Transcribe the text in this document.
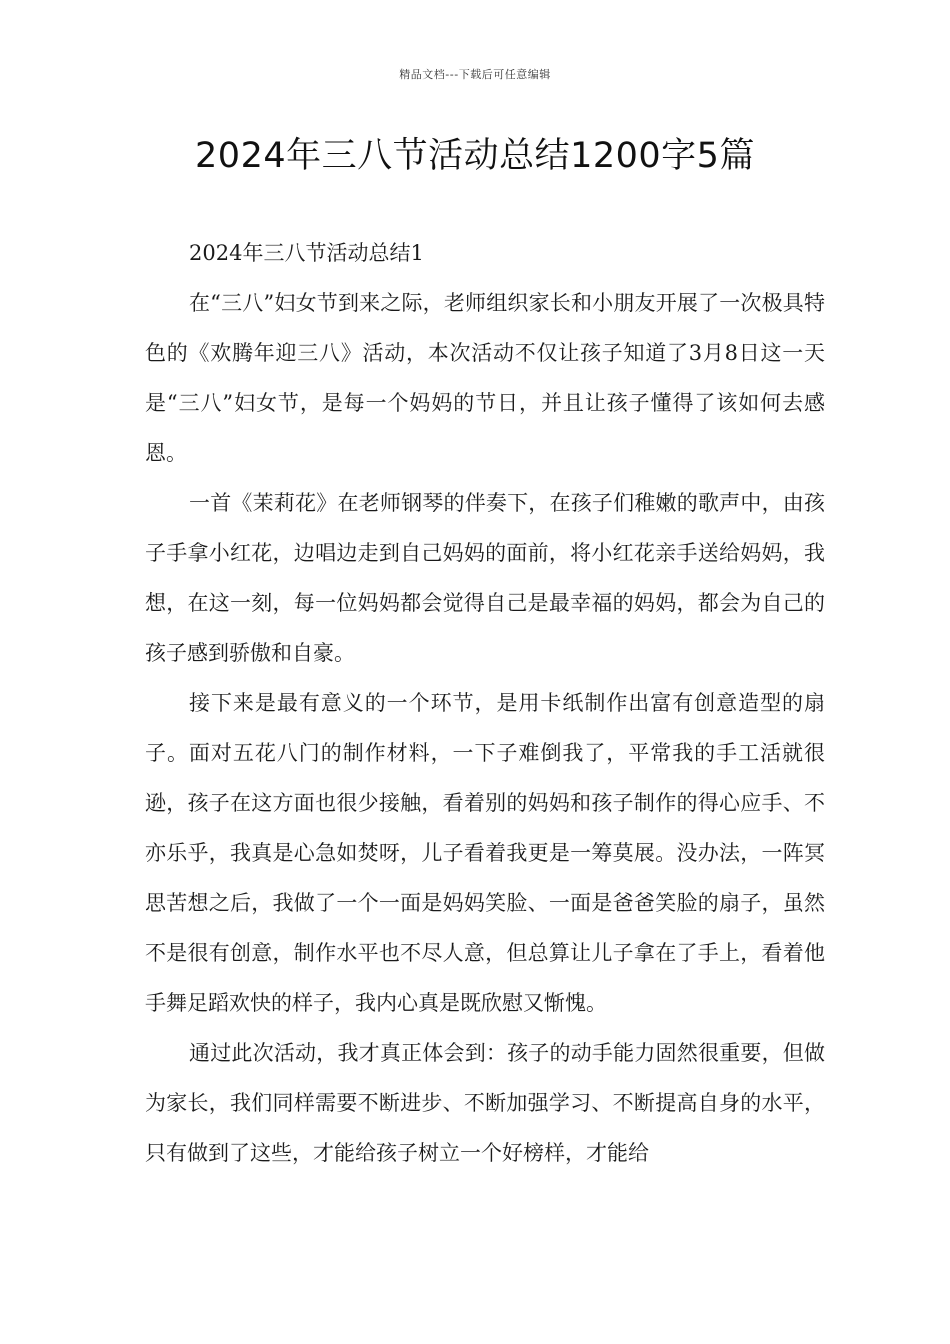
精品文档---下载后可任意编辑
2024年三八节活动总结1200字5篇

2024年三八节活动总结1

在“三八”妇女节到来之际，老师组织家长和小朋友开展了一次极具特色的《欢腾年迎三八》活动，本次活动不仅让孩子知道了3月8日这一天是“三八”妇女节，是每一个妈妈的节日，并且让孩子懂得了该如何去感恩。

一首《茉莉花》在老师钢琴的伴奏下，在孩子们稚嫩的歌声中，由孩子手拿小红花，边唱边走到自己妈妈的面前，将小红花亲手送给妈妈，我想，在这一刻，每一位妈妈都会觉得自己是最幸福的妈妈，都会为自己的孩子感到骄傲和自豪。

接下来是最有意义的一个环节，是用卡纸制作出富有创意造型的扇子。面对五花八门的制作材料，一下子难倒我了，平常我的手工活就很逊，孩子在这方面也很少接触，看着别的妈妈和孩子制作的得心应手、不亦乐乎，我真是心急如焚呀，儿子看着我更是一筹莫展。没办法，一阵冥思苦想之后，我做了一个一面是妈妈笑脸、一面是爸爸笑脸的扇子，虽然不是很有创意，制作水平也不尽人意，但总算让儿子拿在了手上，看着他手舞足蹈欢快的样子，我内心真是既欣慰又惭愧。

通过此次活动，我才真正体会到：孩子的动手能力固然很重要，但做为家长，我们同样需要不断进步、不断加强学习、不断提高自身的水平，只有做到了这些，才能给孩子树立一个好榜样，才能给
